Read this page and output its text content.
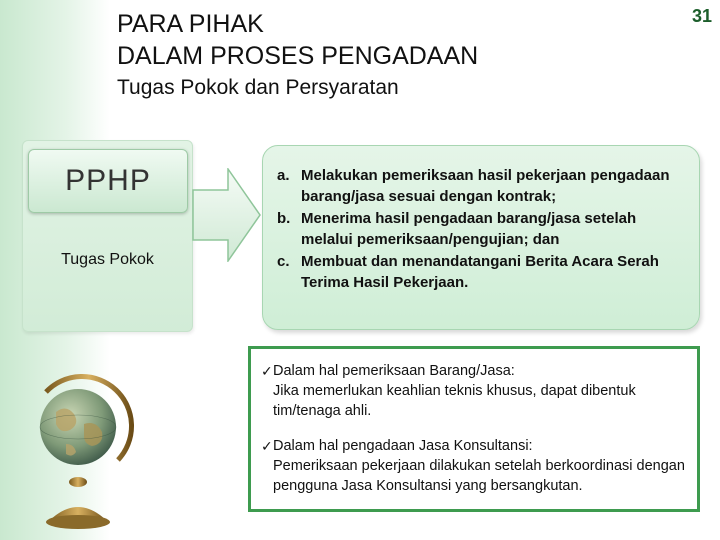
PARA PIHAK
DALAM PROSES PENGADAAN
Tugas Pokok dan Persyaratan
31
PPHP
Tugas Pokok
a. Melakukan pemeriksaan hasil pekerjaan pengadaan barang/jasa sesuai dengan kontrak;
b. Menerima hasil pengadaan barang/jasa setelah melalui pemeriksaan/pengujian; dan
c. Membuat dan menandatangani Berita Acara Serah Terima Hasil Pekerjaan.
✓ Dalam hal pemeriksaan Barang/Jasa:
Jika memerlukan keahlian teknis khusus, dapat dibentuk tim/tenaga ahli.
✓ Dalam hal pengadaan Jasa Konsultansi:
Pemeriksaan pekerjaan dilakukan setelah berkoordinasi dengan pengguna Jasa Konsultansi yang bersangkutan.
